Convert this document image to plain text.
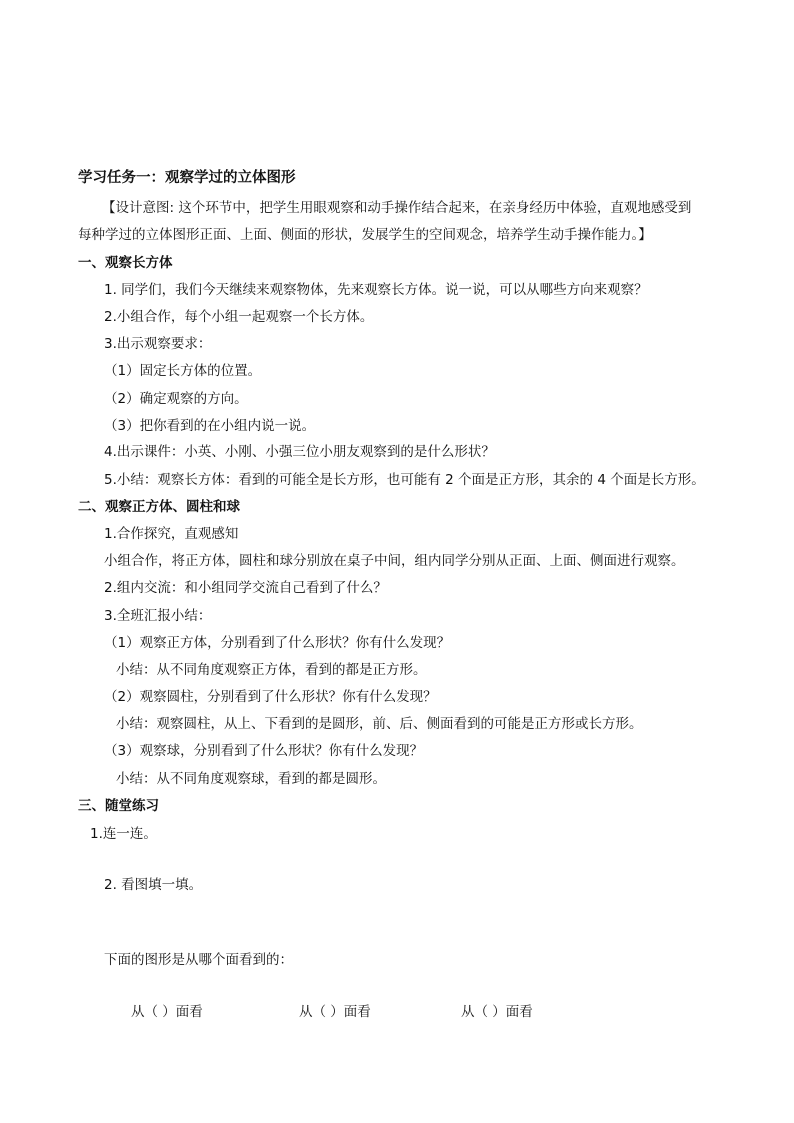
学习任务一：观察学过的立体图形
【设计意图: 这个环节中，把学生用眼观察和动手操作结合起来，在亲身经历中体验，直观地感受到
每种学过的立体图形正面、上面、侧面的形状，发展学生的空间观念，培养学生动手操作能力。】
一、观察长方体
1. 同学们，我们今天继续来观察物体，先来观察长方体。说一说，可以从哪些方向来观察？
2.小组合作，每个小组一起观察一个长方体。
3.出示观察要求：
（1）固定长方体的位置。
（2）确定观察的方向。
（3）把你看到的在小组内说一说。
4.出示课件：小英、小刚、小强三位小朋友观察到的是什么形状？
5.小结：观察长方体：看到的可能全是长方形，也可能有 2 个面是正方形，其余的 4 个面是长方形。
二、观察正方体、圆柱和球
1.合作探究，直观感知
小组合作，将正方体，圆柱和球分别放在桌子中间，组内同学分别从正面、上面、侧面进行观察。
2.组内交流：和小组同学交流自己看到了什么？
3.全班汇报小结：
（1）观察正方体，分别看到了什么形状？你有什么发现？
小结：从不同角度观察正方体，看到的都是正方形。
（2）观察圆柱，分别看到了什么形状？你有什么发现？
小结：观察圆柱，从上、下看到的是圆形，前、后、侧面看到的可能是正方形或长方形。
（3）观察球，分别看到了什么形状？你有什么发现？
小结：从不同角度观察球，看到的都是圆形。
三、随堂练习
1.连一连。
2. 看图填一填。
下面的图形是从哪个面看到的：
从（ ）面看	从（ ）面看	从（ ）面看
